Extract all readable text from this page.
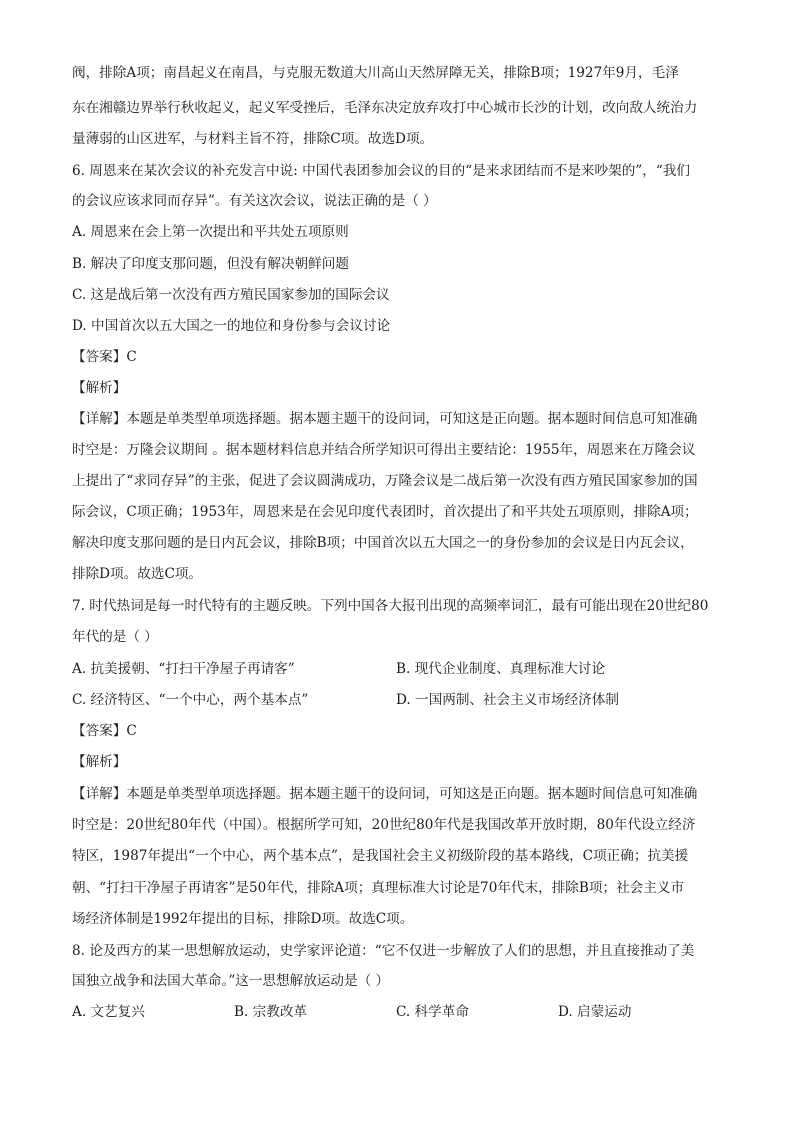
阀，排除A项；南昌起义在南昌，与克服无数道大川高山天然屏障无关，排除B项；1927年9月，毛泽
东在湘赣边界举行秋收起义，起义军受挫后，毛泽东决定放弃攻打中心城市长沙的计划，改向敌人统治力
量薄弱的山区进军，与材料主旨不符，排除C项。故选D项。
6. 周恩来在某次会议的补充发言中说: 中国代表团参加会议的目的“是来求团结而不是来吵架的”，“我们
的会议应该求同而存异”。有关这次会议，说法正确的是（ ）
A. 周恩来在会上第一次提出和平共处五项原则
B. 解决了印度支那问题，但没有解决朝鲜问题
C. 这是战后第一次没有西方殖民国家参加的国际会议
D. 中国首次以五大国之一的地位和身份参与会议讨论
【答案】C
【解析】
【详解】本题是单类型单项选择题。据本题主题干的设问词，可知这是正向题。据本题时间信息可知准确
时空是：万隆会议期间 。据本题材料信息并结合所学知识可得出主要结论：1955年，周恩来在万隆会议
上提出了“求同存异”的主张，促进了会议圆满成功，万隆会议是二战后第一次没有西方殖民国家参加的国
际会议，C项正确；1953年，周恩来是在会见印度代表团时，首次提出了和平共处五项原则，排除A项；
解决印度支那问题的是日内瓦会议，排除B项；中国首次以五大国之一的身份参加的会议是日内瓦会议，
排除D项。故选C项。
7. 时代热词是每一时代特有的主题反映。下列中国各大报刊出现的高频率词汇，最有可能出现在20世纪80
年代的是（ ）
A. 抗美援朝、“打扫干净屋子再请客”	B. 现代企业制度、真理标准大讨论
C. 经济特区、“一个中心，两个基本点”	D. 一国两制、社会主义市场经济体制
【答案】C
【解析】
【详解】本题是单类型单项选择题。据本题主题干的设问词，可知这是正向题。据本题时间信息可知准确
时空是：20世纪80年代（中国）。根据所学可知，20世纪80年代是我国改革开放时期，80年代设立经济
特区，1987年提出“一个中心，两个基本点”，是我国社会主义初级阶段的基本路线，C项正确；抗美援
朝、“打扫干净屋子再请客”是50年代，排除A项；真理标准大讨论是70年代末，排除B项；社会主义市
场经济体制是1992年提出的目标，排除D项。故选C项。
8. 论及西方的某一思想解放运动，史学家评论道：“它不仅进一步解放了人们的思想，并且直接推动了美
国独立战争和法国大革命。”这一思想解放运动是（ ）
A. 文艺复兴	B. 宗教改革	C. 科学革命	D. 启蒙运动
